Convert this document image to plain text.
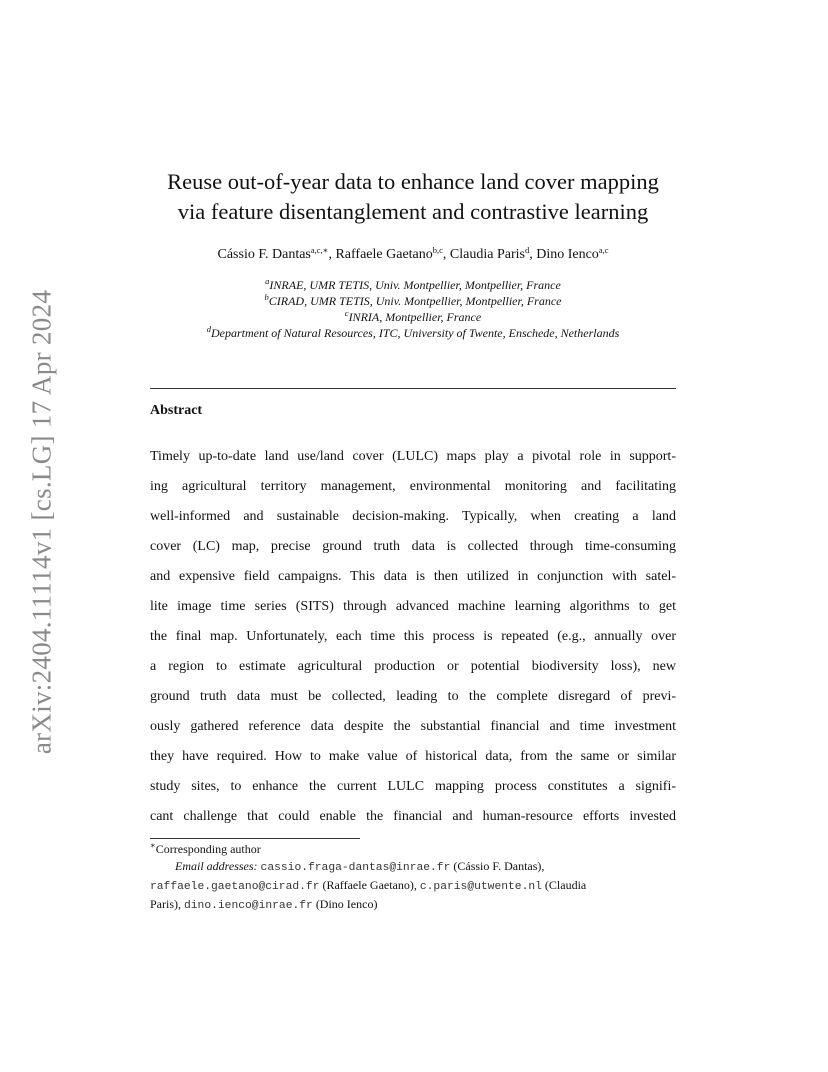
arXiv:2404.11114v1 [cs.LG] 17 Apr 2024
Reuse out-of-year data to enhance land cover mapping
via feature disentanglement and contrastive learning
Cássio F. Dantas$^{a,c,∗}$, Raffaele Gaetano$^{b,c}$, Claudia Paris$^d$, Dino Ienco$^{a,c}$
$^a$INRAE, UMR TETIS, Univ. Montpellier, Montpellier, France
$^b$CIRAD, UMR TETIS, Univ. Montpellier, Montpellier, France
$^c$INRIA, Montpellier, France
$^d$Department of Natural Resources, ITC, University of Twente, Enschede, Netherlands
Abstract
Timely up-to-date land use/land cover (LULC) maps play a pivotal role in support-
ing agricultural territory management, environmental monitoring and facilitating
well-informed and sustainable decision-making. Typically, when creating a land
cover (LC) map, precise ground truth data is collected through time-consuming
and expensive field campaigns. This data is then utilized in conjunction with satel-
lite image time series (SITS) through advanced machine learning algorithms to get
the final map. Unfortunately, each time this process is repeated (e.g., annually over
a region to estimate agricultural production or potential biodiversity loss), new
ground truth data must be collected, leading to the complete disregard of previ-
ously gathered reference data despite the substantial financial and time investment
they have required. How to make value of historical data, from the same or similar
study sites, to enhance the current LULC mapping process constitutes a signifi-
cant challenge that could enable the financial and human-resource efforts invested
∗Corresponding author
Email addresses: cassio.fraga-dantas@inrae.fr (Cássio F. Dantas),
raffaele.gaetano@cirad.fr (Raffaele Gaetano), c.paris@utwente.nl (Claudia
Paris), dino.ienco@inrae.fr (Dino Ienco)
